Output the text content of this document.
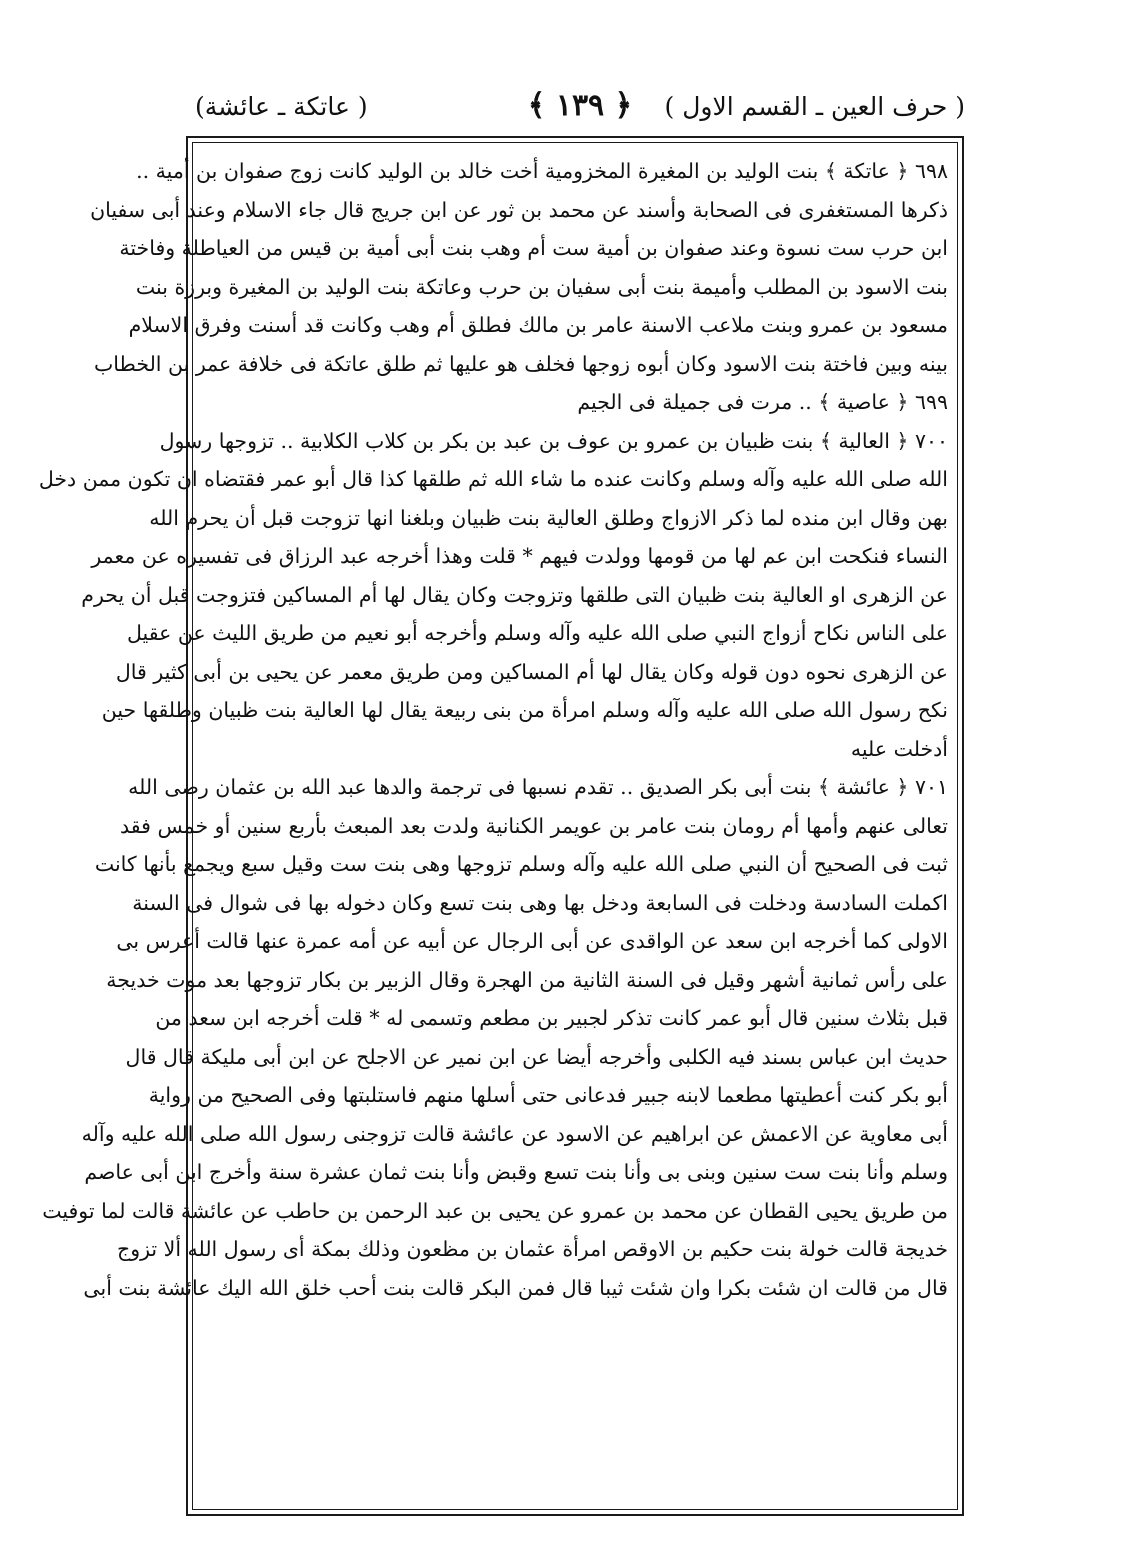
( حرف العين ـ القسم الاول )
﴿ ١٣٩ ﴾
( عاتكة ـ عائشة)
٦٩٨ ﴿ عاتكة ﴾ بنت الوليد بن المغيرة المخزومية أخت خالد بن الوليد كانت زوج صفوان بن أمية ..
ذكرها المستغفرى فى الصحابة وأسند عن محمد بن ثور عن ابن جريج قال جاء الاسلام وعند أبى سفيان
ابن حرب ست نسوة وعند صفوان بن أمية ست أم وهب بنت أبى أمية بن قيس من العياطلة وفاختة
بنت الاسود بن المطلب وأميمة بنت أبى سفيان بن حرب وعاتكة بنت الوليد بن المغيرة وبرزة بنت
مسعود بن عمرو وبنت ملاعب الاسنة عامر بن مالك فطلق أم وهب وكانت قد أسنت وفرق الاسلام
بينه وبين فاختة بنت الاسود وكان أبوه زوجها فخلف هو عليها ثم طلق عاتكة فى خلافة عمر بن الخطاب
٦٩٩ ﴿ عاصية ﴾ .. مرت فى جميلة فى الجيم
٧٠٠ ﴿ العالية ﴾ بنت ظبيان بن عمرو بن عوف بن عبد بن بكر بن كلاب الكلابية .. تزوجها رسول
الله صلى الله عليه وآله وسلم وكانت عنده ما شاء الله ثم طلقها كذا قال أبو عمر فقتضاه ان تكون ممن دخل
بهن وقال ابن منده لما ذكر الازواج وطلق العالية بنت ظبيان وبلغنا انها تزوجت قبل أن يحرم الله
النساء فنكحت ابن عم لها من قومها وولدت فيهم * قلت وهذا أخرجه عبد الرزاق فى تفسيره عن معمر
عن الزهرى او العالية بنت ظبيان التى طلقها وتزوجت وكان يقال لها أم المساكين فتزوجت قبل أن يحرم
على الناس نكاح أزواج النبي صلى الله عليه وآله وسلم وأخرجه أبو نعيم من طريق الليث عن عقيل
عن الزهرى نحوه دون قوله وكان يقال لها أم المساكين ومن طريق معمر عن يحيى بن أبى كثير قال
نكح رسول الله صلى الله عليه وآله وسلم امرأة من بنى ربيعة يقال لها العالية بنت ظبيان وطلقها حين
أدخلت عليه
٧٠١ ﴿ عائشة ﴾ بنت أبى بكر الصديق .. تقدم نسبها فى ترجمة والدها عبد الله بن عثمان رضى الله
تعالى عنهم وأمها أم رومان بنت عامر بن عويمر الكنانية ولدت بعد المبعث بأربع سنين أو خمس فقد
ثبت فى الصحيح أن النبي صلى الله عليه وآله وسلم تزوجها وهى بنت ست وقيل سبع ويجمع بأنها كانت
اكملت السادسة ودخلت فى السابعة ودخل بها وهى بنت تسع وكان دخوله بها فى شوال فى السنة
الاولى كما أخرجه ابن سعد عن الواقدى عن أبى الرجال عن أبيه عن أمه عمرة عنها قالت أعرس بى
على رأس ثمانية أشهر وقيل فى السنة الثانية من الهجرة وقال الزبير بن بكار تزوجها بعد موت خديجة
قبل بثلاث سنين قال أبو عمر كانت تذكر لجبير بن مطعم وتسمى له * قلت أخرجه ابن سعد من
حديث ابن عباس بسند فيه الكلبى وأخرجه أيضا عن ابن نمير عن الاجلح عن ابن أبى مليكة قال قال
أبو بكر كنت أعطيتها مطعما لابنه جبير فدعانى حتى أسلها منهم فاستلبتها وفى الصحيح من رواية
أبى معاوية عن الاعمش عن ابراهيم عن الاسود عن عائشة قالت تزوجنى رسول الله صلى الله عليه وآله
وسلم وأنا بنت ست سنين وبنى بى وأنا بنت تسع وقبض وأنا بنت ثمان عشرة سنة وأخرج ابن أبى عاصم
من طريق يحيى القطان عن محمد بن عمرو عن يحيى بن عبد الرحمن بن حاطب عن عائشة قالت لما توفيت
خديجة قالت خولة بنت حكيم بن الاوقص امرأة عثمان بن مظعون وذلك بمكة أى رسول الله ألا تزوج
قال من قالت ان شئت بكرا وان شئت ثيبا قال فمن البكر قالت بنت أحب خلق الله اليك عائشة بنت أبى
